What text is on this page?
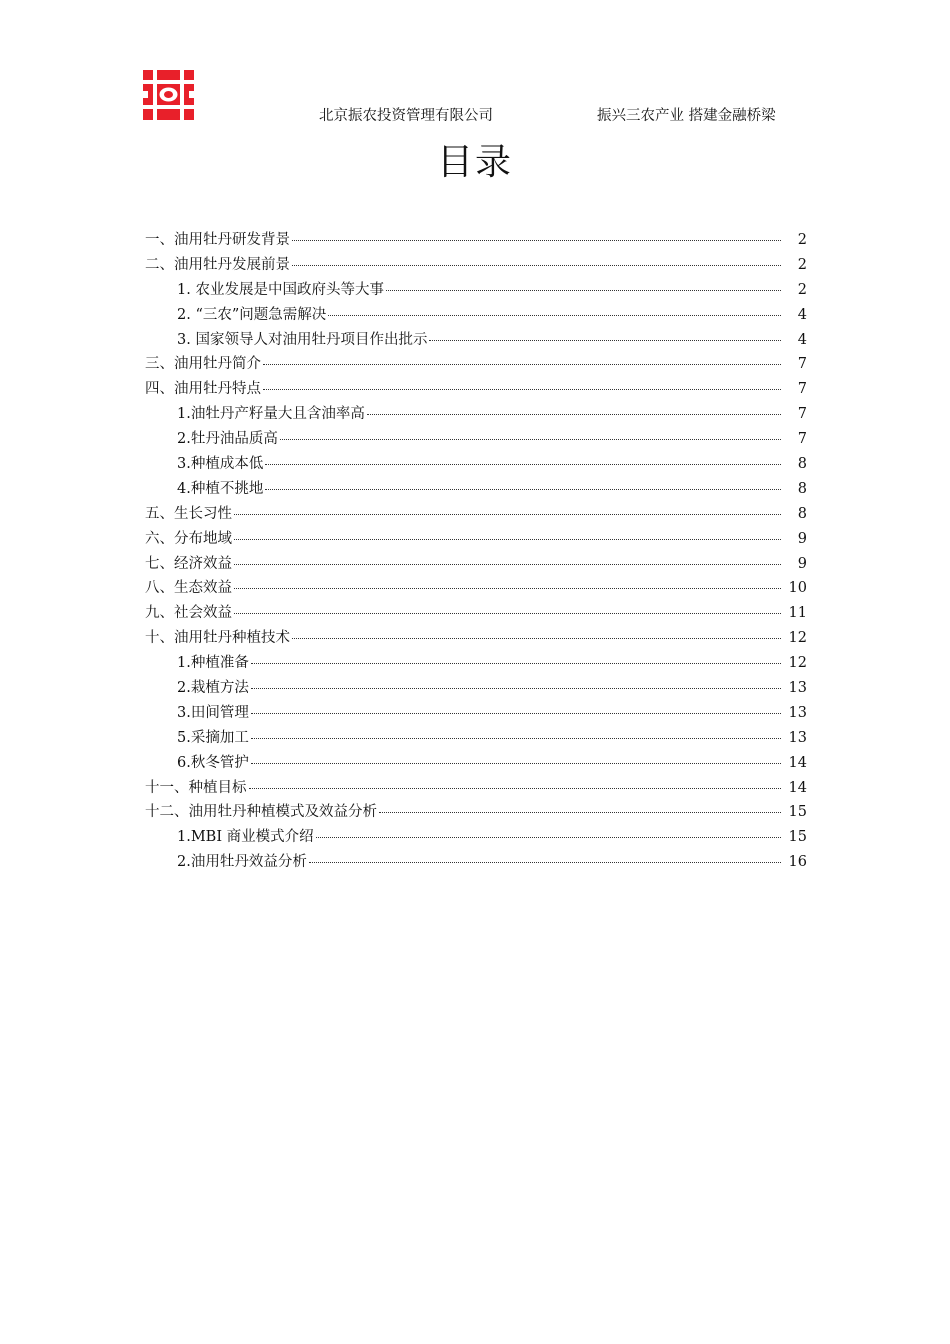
北京振农投资管理有限公司	振兴三农产业 搭建金融桥梁
目录
一、油用牡丹研发背景	2
二、油用牡丹发展前景	2
1. 农业发展是中国政府头等大事	2
2. “三农”问题急需解决	4
3. 国家领导人对油用牡丹项目作出批示	4
三、油用牡丹简介	7
四、油用牡丹特点	7
1.油牡丹产籽量大且含油率高	7
2.牡丹油品质高	7
3.种植成本低	8
4.种植不挑地	8
五、生长习性	8
六、分布地域	9
七、经济效益	9
八、生态效益	10
九、社会效益	11
十、油用牡丹种植技术	12
1.种植准备	12
2.栽植方法	13
3.田间管理	13
5.采摘加工	13
6.秋冬管护	14
十一、种植目标	14
十二、油用牡丹种植模式及效益分析	15
1.MBI 商业模式介绍	15
2.油用牡丹效益分析	16
